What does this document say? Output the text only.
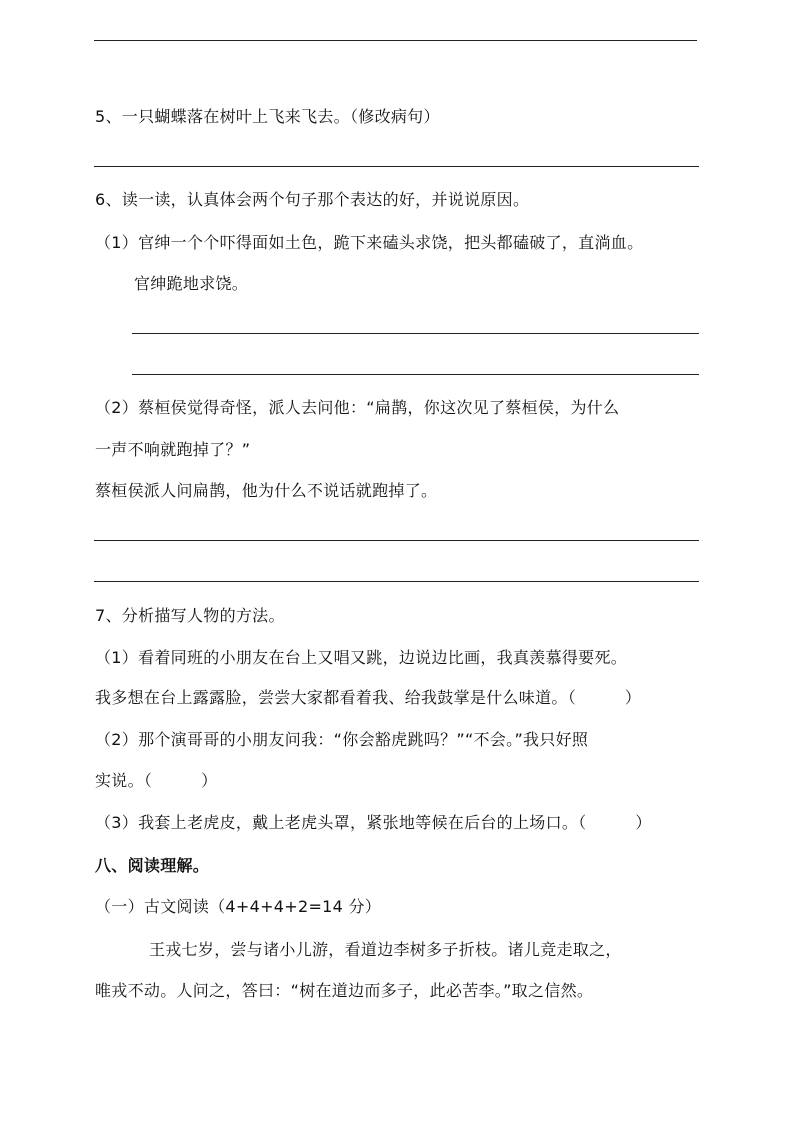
5、一只蝴蝶落在树叶上飞来飞去。（修改病句）
6、读一读，认真体会两个句子那个表达的好，并说说原因。
（1）官绅一个个吓得面如土色，跪下来磕头求饶，把头都磕破了，直淌血。
官绅跪地求饶。
（2）蔡桓侯觉得奇怪，派人去问他：“扁鹊，你这次见了蔡桓侯，为什么
一声不响就跑掉了？”
蔡桓侯派人问扁鹊，他为什么不说话就跑掉了。
7、分析描写人物的方法。
（1）看着同班的小朋友在台上又唱又跳，边说边比画，我真羡慕得要死。
我多想在台上露露脸，尝尝大家都看着我、给我鼓掌是什么味道。（　　　）
（2）那个演哥哥的小朋友问我：“你会豁虎跳吗？”“不会。”我只好照
实说。（　　　）
（3）我套上老虎皮，戴上老虎头罩，紧张地等候在后台的上场口。（　　　）
八、阅读理解。
（一）古文阅读（4+4+4+2=14 分）
王戎七岁，尝与诸小儿游，看道边李树多子折枝。诸儿竞走取之，
唯戎不动。人问之，答曰：“树在道边而多子，此必苦李。”取之信然。
